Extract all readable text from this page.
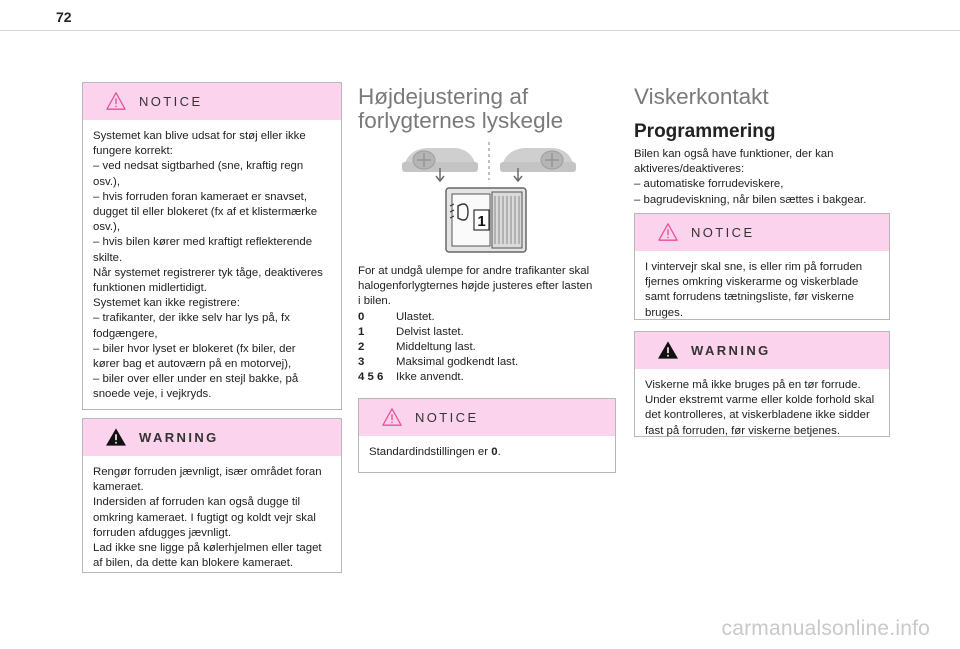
72
NOTICE

Systemet kan blive udsat for støj eller ikke

fungere korrekt:

– ved nedsat sigtbarhed (sne, kraftig regn

osv.),

– hvis forruden foran kameraet er snavset,

dugget til eller blokeret (fx af et klistermærke

osv.),

– hvis bilen kører med kraftigt reflekterende

skilte.

Når systemet registrerer tyk tåge, deaktiveres

funktionen midlertidigt.

Systemet kan ikke registrere:

– trafikanter, der ikke selv har lys på, fx

fodgængere,

– biler hvor lyset er blokeret (fx biler, der

kører bag et autoværn på en motorvej),

– biler over eller under en stejl bakke, på

snoede veje, i vejkryds.

WARNING

Rengør forruden jævnligt, især området foran

kameraet.

Indersiden af forruden kan også dugge til

omkring kameraet. I fugtigt og koldt vejr skal

forruden afdugges jævnligt.

Lad ikke sne ligge på kølerhjelmen eller taget

af bilen, da dette kan blokere kameraet.

Højdejustering af
forlygternes lyskegle
1

For at undgå ulempe for andre trafikanter skal

halogenforlygternes højde justeres efter lasten

i bilen.

0	Ulastet.
1	Delvist lastet.
2	Middeltung last.
3	Maksimal godkendt last.
4 5 6	Ikke anvendt.
NOTICE

Standardindstillingen er 0.

Viskerkontakt
Programmering

Bilen kan også have funktioner, der kan

aktiveres/deaktiveres:

– automatiske forrudeviskere,

– bagrudeviskning, når bilen sættes i bakgear.

NOTICE

I vintervejr skal sne, is eller rim på forruden

fjernes omkring viskerarme og viskerblade

samt forrudens tætningsliste, før viskerne

bruges.

WARNING

Viskerne må ikke bruges på en tør forrude.

Under ekstremt varme eller kolde forhold skal

det kontrolleres, at viskerbladene ikke sidder

fast på forruden, før viskerne betjenes.

carmanualsonline.info
